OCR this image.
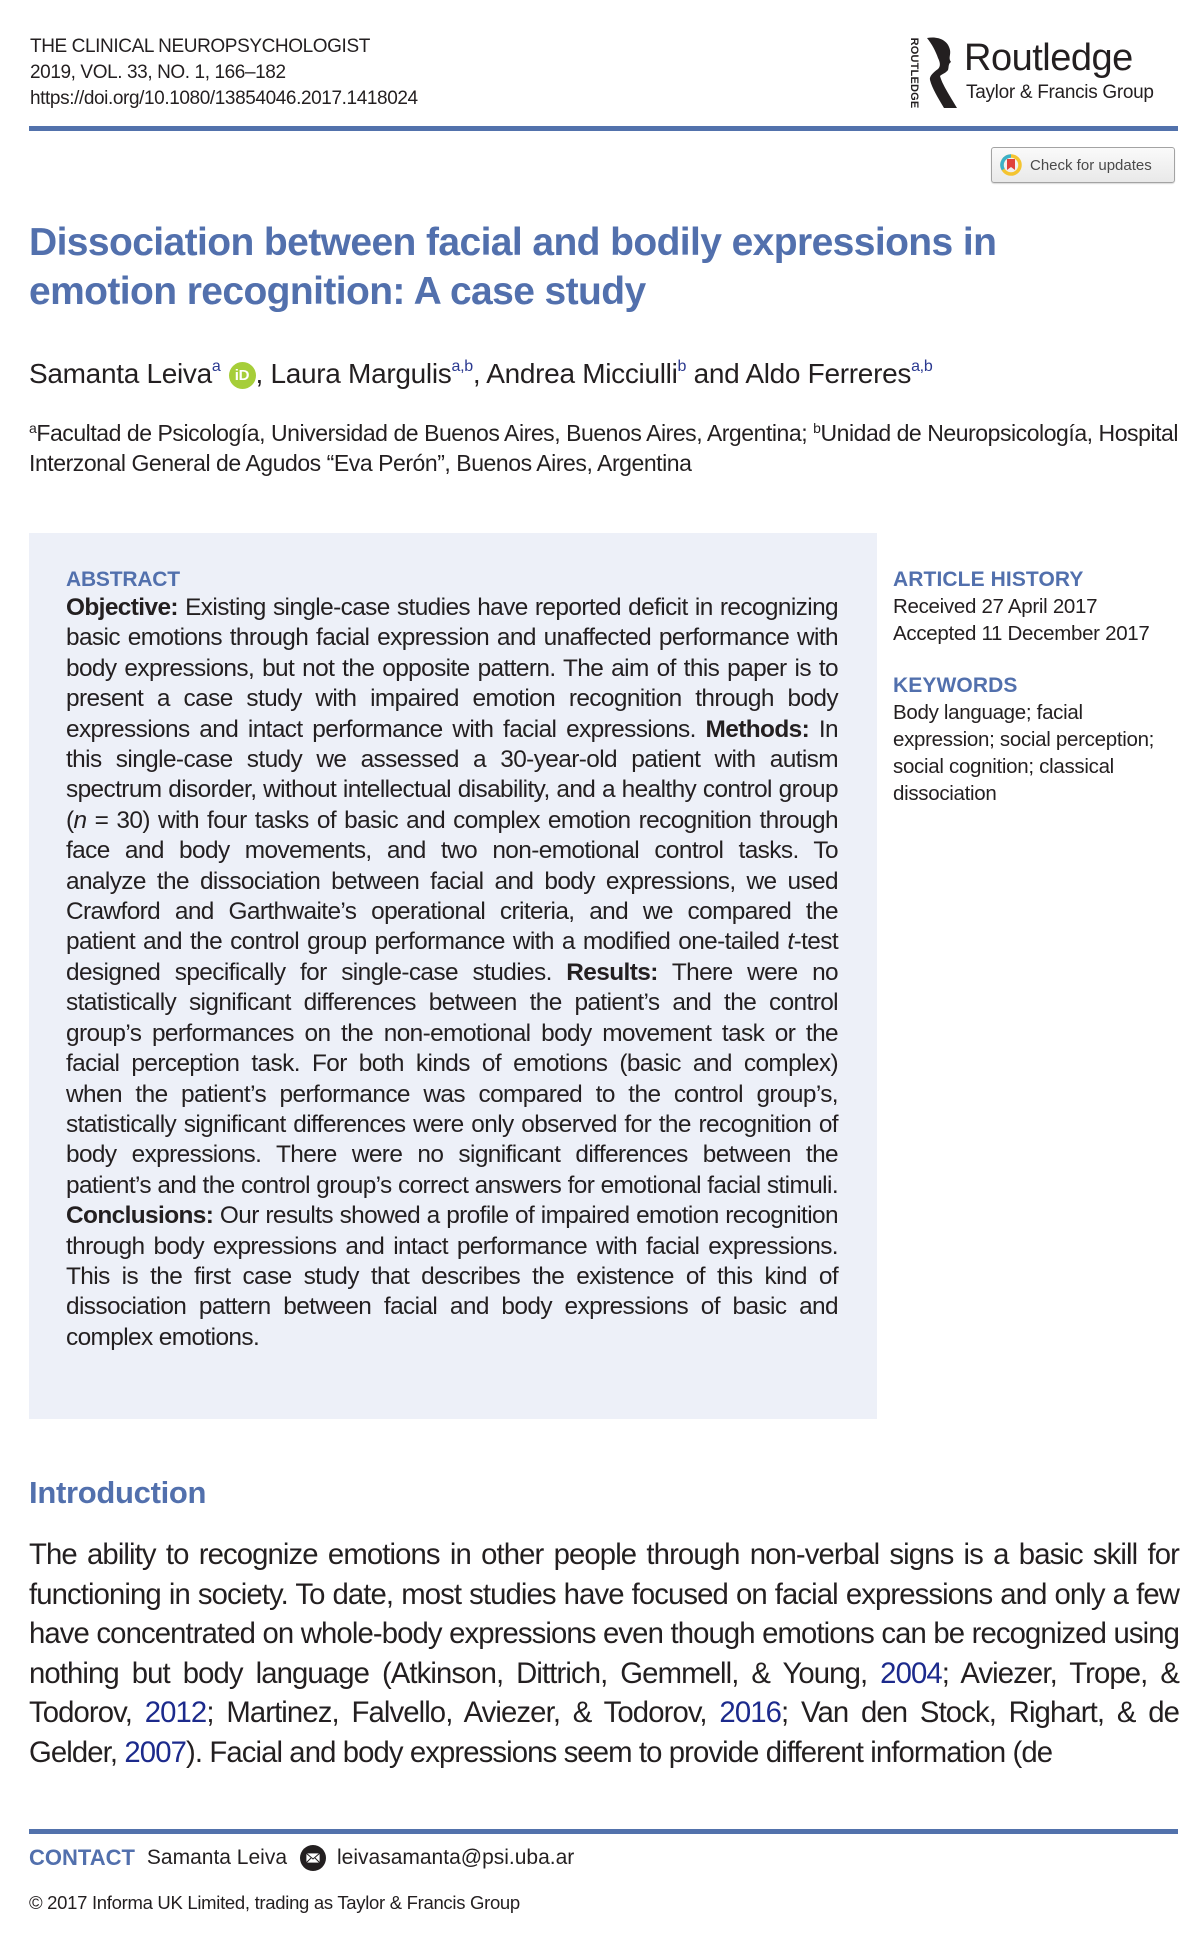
THE CLINICAL NEUROPSYCHOLOGIST
2019, VOL. 33, NO. 1, 166–182
https://doi.org/10.1080/13854046.2017.1418024	ROUTLEDGE Routledge
Taylor & Francis Group
Check for updates
Dissociation between facial and bodily expressions in emotion recognition: A case study
Samanta Leiva$^a$iD , Laura Margulis$^{a,b}$, Andrea Micciulli$^b$ and Aldo Ferreres$^{a,b}$
$^a$Facultad de Psicología, Universidad de Buenos Aires, Buenos Aires, Argentina; $^b$Unidad de Neuropsicología, Hospital Interzonal General de Agudos “Eva Perón”, Buenos Aires, Argentina
ABSTRACT
Objective: Existing single-case studies have reported deficit in recognizing basic emotions through facial expression and unaffected performance with body expressions, but not the opposite pattern. The aim of this paper is to present a case study with impaired emotion recognition through body expressions and intact performance with facial expressions. Methods: In this single-case study we assessed a 30-year-old patient with autism spectrum disorder, without intellectual disability, and a healthy control group (n = 30) with four tasks of basic and complex emotion recognition through face and body movements, and two non-emotional control tasks. To analyze the dissociation between facial and body expressions, we used Crawford and Garthwaite’s operational criteria, and we compared the patient and the control group performance with a modified one-tailed t-test designed specifically for single-case studies. Results: There were no statistically significant differences between the patient’s and the control group’s performances on the non-emotional body movement task or the facial perception task. For both kinds of emotions (basic and complex) when the patient’s performance was compared to the control group’s, statistically significant differences were only observed for the recognition of body expressions. There were no significant differences between the patient’s and the control group’s correct answers for emotional facial stimuli. Conclusions: Our results showed a profile of impaired emotion recognition through body expressions and intact performance with facial expressions. This is the first case study that describes the existence of this kind of dissociation pattern between facial and body expressions of basic and complex emotions.
ARTICLE HISTORY
Received 27 April 2017
Accepted 11 December 2017
KEYWORDS
Body language; facial expression; social perception; social cognition; classical dissociation
Introduction
The ability to recognize emotions in other people through non-verbal signs is a basic skill for functioning in society. To date, most studies have focused on facial expressions and only a few have concentrated on whole-body expressions even though emotions can be recognized using nothing but body language (Atkinson, Dittrich, Gemmell, & Young, 2004; Aviezer, Trope, & Todorov, 2012; Martinez, Falvello, Aviezer, & Todorov, 2016; Van den Stock, Righart, & de Gelder, 2007). Facial and body expressions seem to provide different information (de
CONTACT Samanta Leiva leivasamanta@psi.uba.ar
© 2017 Informa UK Limited, trading as Taylor & Francis Group
